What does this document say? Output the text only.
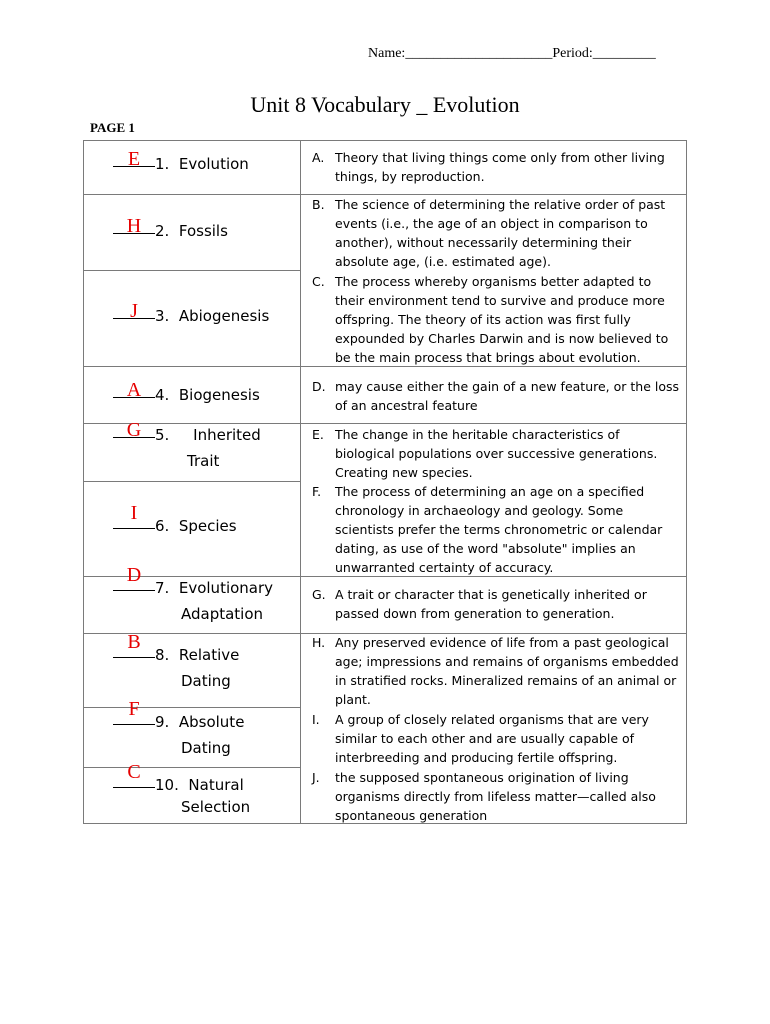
Name:_____________________Period:_________
Unit 8 Vocabulary _ Evolution
PAGE 1
E 1. Evolution
H 2. Fossils
J	3. Abiogenesis
A 4. Biogenesis
G 5. Inherited
Trait
I
6. Species
D
7. Evolutionary
Adaptation
B
8. Relative
Dating
F
9. Absolute
Dating
C
10. Natural
Selection
A. Theory that living things come only from other living things, by reproduction.
B. The science of determining the relative order of past events (i.e., the age of an object in comparison to another), without necessarily determining their absolute age, (i.e. estimated age).
C. The process whereby organisms better adapted to their environment tend to survive and produce more offspring. The theory of its action was first fully expounded by Charles Darwin and is now believed to be the main process that brings about evolution.
D. may cause either the gain of a new feature, or the loss of an ancestral feature
E. The change in the heritable characteristics of biological populations over successive generations. Creating new species.
F. The process of determining an age on a specified chronology in archaeology and geology. Some scientists prefer the terms chronometric or calendar dating, as use of the word "absolute" implies an unwarranted certainty of accuracy.
G. A trait or character that is genetically inherited or passed down from generation to generation.
H. Any preserved evidence of life from a past geological age; impressions and remains of organisms embedded in stratified rocks. Mineralized remains of an animal or plant.
I. A group of closely related organisms that are very similar to each other and are usually capable of interbreeding and producing fertile offspring.
J. the supposed spontaneous origination of living organisms directly from lifeless matter—called also spontaneous generation
